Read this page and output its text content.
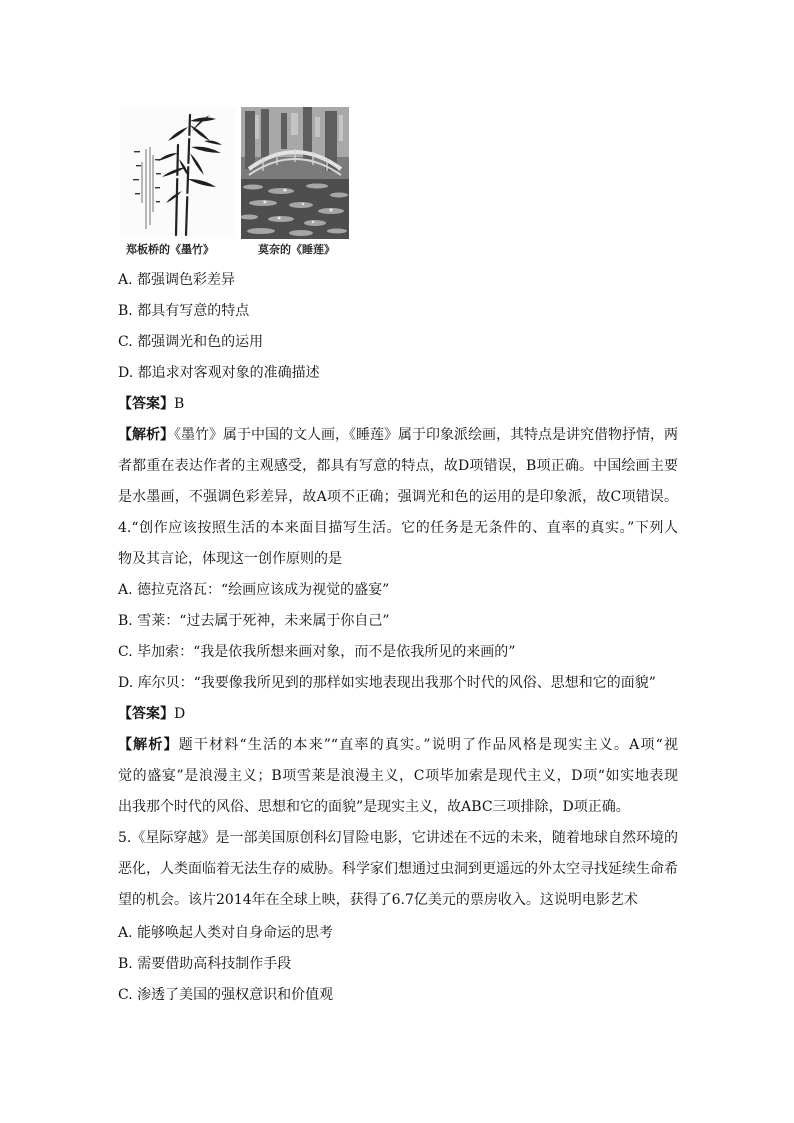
郑板桥的《墨竹》	莫奈的《睡莲》
A. 都强调色彩差异
B. 都具有写意的特点
C. 都强调光和色的运用
D. 都追求对客观对象的准确描述
【答案】B
【解析】《墨竹》属于中国的文人画，《睡莲》属于印象派绘画，其特点是讲究借物抒情，两
者都重在表达作者的主观感受，都具有写意的特点，故D项错误，B项正确。中国绘画主要
是水墨画，不强调色彩差异，故A项不正确；强调光和色的运用的是印象派，故C项错误。
4.“创作应该按照生活的本来面目描写生活。它的任务是无条件的、直率的真实。”下列人
物及其言论，体现这一创作原则的是
A. 德拉克洛瓦：“绘画应该成为视觉的盛宴”
B. 雪莱：“过去属于死神，未来属于你自己”
C. 毕加索：“我是依我所想来画对象，而不是依我所见的来画的”
D. 库尔贝：“我要像我所见到的那样如实地表现出我那个时代的风俗、思想和它的面貌”
【答案】D
【解析】题干材料“生活的本来”“直率的真实。”说明了作品风格是现实主义。A项“视
觉的盛宴”是浪漫主义；B项雪莱是浪漫主义，C项毕加索是现代主义，D项“如实地表现
出我那个时代的风俗、思想和它的面貌”是现实主义，故ABC三项排除，D项正确。
5.《星际穿越》是一部美国原创科幻冒险电影，它讲述在不远的未来，随着地球自然环境的
恶化，人类面临着无法生存的威胁。科学家们想通过虫洞到更遥远的外太空寻找延续生命希
望的机会。该片2014年在全球上映，获得了6.7亿美元的票房收入。这说明电影艺术
A. 能够唤起人类对自身命运的思考
B. 需要借助高科技制作手段
C. 渗透了美国的强权意识和价值观
